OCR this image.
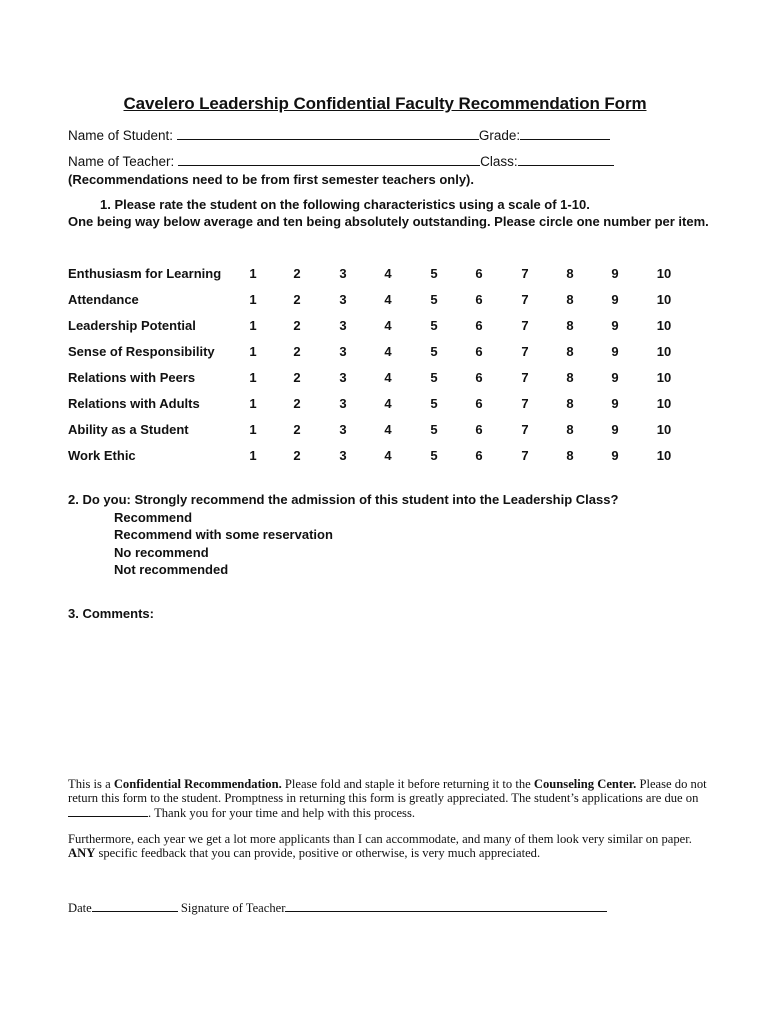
Cavelero Leadership Confidential Faculty Recommendation Form
Name of Student:	Grade:
Name of Teacher:	Class:
(Recommendations need to be from first semester teachers only).
1. Please rate the student on the following characteristics using a scale of 1-10.
One being way below average and ten being absolutely outstanding. Please circle one number per item.
Enthusiasm for Learning	1	2	3	4	5	6	7	8	9	10
Attendance	1	2	3	4	5	6	7	8	9	10
Leadership Potential	1	2	3	4	5	6	7	8	9	10
Sense of Responsibility	1	2	3	4	5	6	7	8	9	10
Relations with Peers	1	2	3	4	5	6	7	8	9	10
Relations with Adults	1	2	3	4	5	6	7	8	9	10
Ability as a Student	1	2	3	4	5	6	7	8	9	10
Work Ethic	1	2	3	4	5	6	7	8	9	10
2. Do you: Strongly recommend the admission of this student into the Leadership Class?
Recommend
Recommend with some reservation
No recommend
Not recommended
3. Comments:
This is a Confidential Recommendation. Please fold and staple it before returning it to the Counseling Center. Please do not return this form to the student. Promptness in returning this form is greatly appreciated. The student’s applications are due on. Thank you for your time and help with this process.
Furthermore, each year we get a lot more applicants than I can accommodate, and many of them look very similar on paper. ANY specific feedback that you can provide, positive or otherwise, is very much appreciated.
Date	Signature of Teacher
